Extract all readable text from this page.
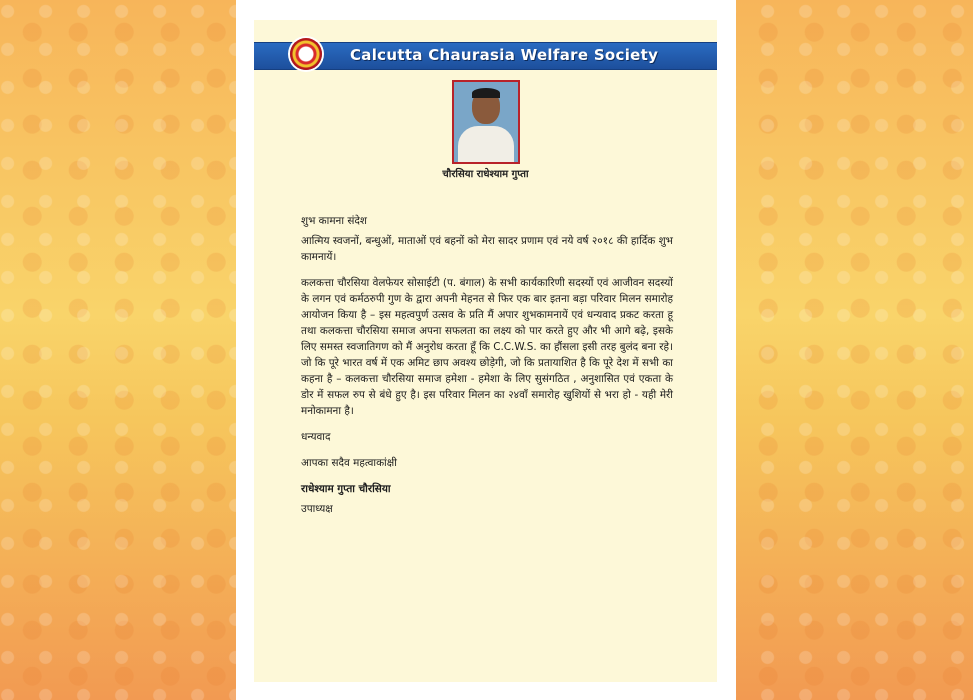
Calcutta Chaurasia Welfare Society
चौरसिया राधेश्याम गुप्ता

शुभ कामना संदेश

आत्मिय स्वजनों, बन्धुओं, माताओं एवं बहनों को मेरा सादर प्रणाम एवं नये वर्ष २०१८ की हार्दिक शुभ कामनायें।

कलकत्ता चौरसिया वेलफेयर सोसाईटी (प. बंगाल) के सभी कार्यकारिणी सदस्यों एवं आजीवन सदस्यों के लगन एवं कर्मठरुपी गुण के द्वारा अपनी मेहनत से फिर एक बार इतना बड़ा परिवार मिलन समारोह आयोजन किया है – इस महत्वपुर्ण उत्सव के प्रति मैं अपार शुभकामनायें एवं धन्यवाद प्रकट करता हू तथा कलकत्ता चौरसिया समाज अपना सफलता का लक्ष्य को पार करते हुए और भी आगे बढ़े, इसके लिए समस्त स्वजातिगण को मैं अनुरोध करता हूँ कि C.C.W.S. का हौंसला इसी तरह बुलंद बना रहे। जो कि पूरे भारत वर्ष में एक अमिट छाप अवश्य छोड़ेगी, जो कि प्रतायाशित है कि पूरे देश में सभी का कहना है – कलकत्ता चौरसिया समाज हमेशा - हमेशा के लिए सुसंगठित , अनुशासित एवं एकता के डोर में सफल रुप से बंधे हुए है। इस परिवार मिलन का २४वाँ समारोह खुशियों से भरा हो - यही मेरी मनोकामना है।

धन्यवाद

आपका सदैव महत्वाकांक्षी

राधेश्याम गुप्ता चौरसिया

उपाध्यक्ष
